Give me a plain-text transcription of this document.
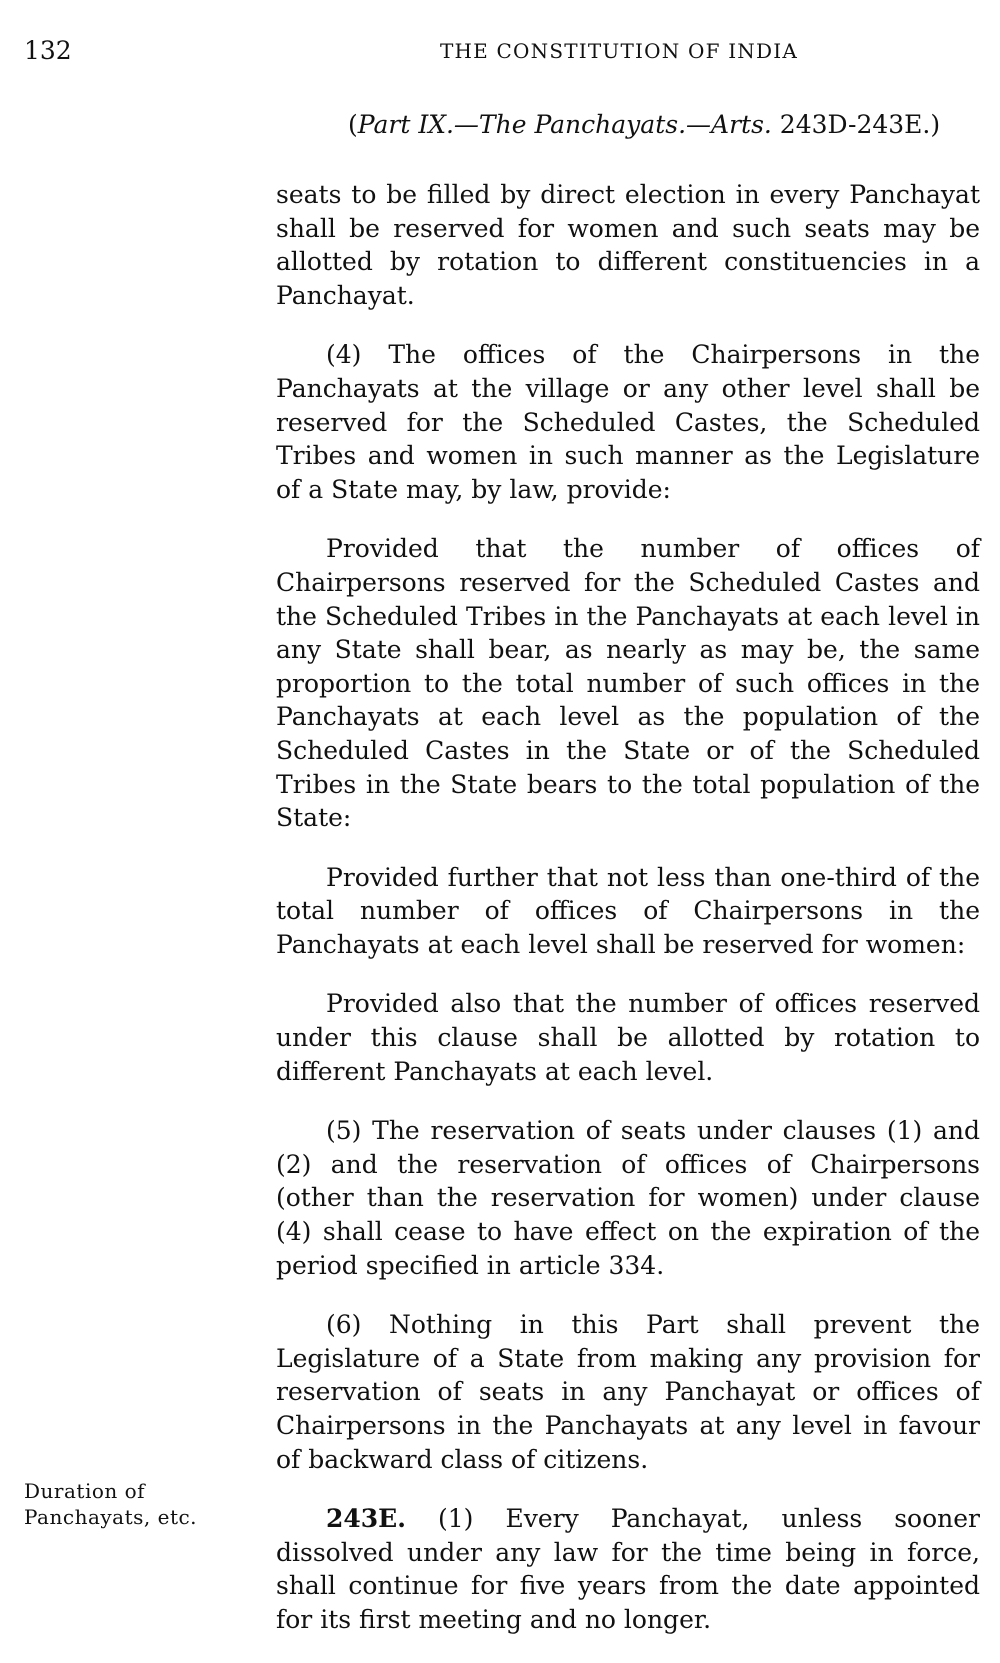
132	THE CONSTITUTION OF INDIA
(Part IX.—The Panchayats.—Arts. 243D-243E.)

seats to be filled by direct election in every Panchayat shall be reserved for women and such seats may be allotted by rotation to different constituencies in a Panchayat.

(4) The offices of the Chairpersons in the Panchayats at the village or any other level shall be reserved for the Scheduled Castes, the Scheduled Tribes and women in such manner as the Legislature of a State may, by law, provide:

Provided that the number of offices of Chairpersons reserved for the Scheduled Castes and the Scheduled Tribes in the Panchayats at each level in any State shall bear, as nearly as may be, the same proportion to the total number of such offices in the Panchayats at each level as the population of the Scheduled Castes in the State or of the Scheduled Tribes in the State bears to the total population of the State:

Provided further that not less than one-third of the total number of offices of Chairpersons in the Panchayats at each level shall be reserved for women:

Provided also that the number of offices reserved under this clause shall be allotted by rotation to different Panchayats at each level.

(5) The reservation of seats under clauses (1) and (2) and the reservation of offices of Chairpersons (other than the reservation for women) under clause (4) shall cease to have effect on the expiration of the period specified in article 334.

(6) Nothing in this Part shall prevent the Legislature of a State from making any provision for reservation of seats in any Panchayat or offices of Chairpersons in the Panchayats at any level in favour of backward class of citizens.

243E. (1) Every Panchayat, unless sooner dissolved under any law for the time being in force, shall continue for five years from the date appointed for its first meeting and no longer.

Duration of
Panchayats, etc.
